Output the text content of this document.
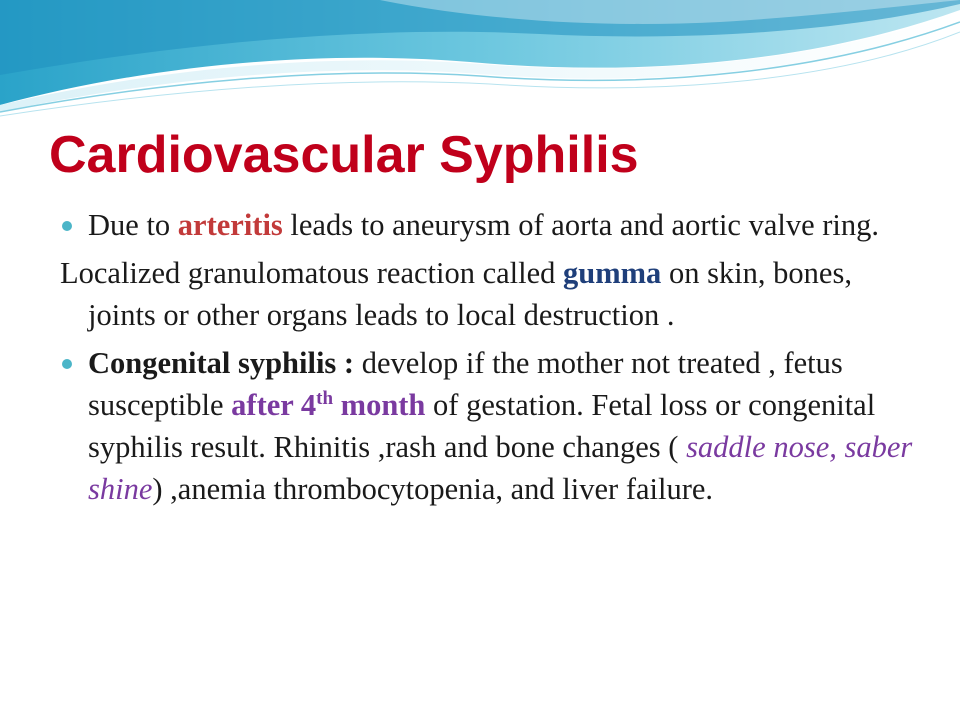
Cardiovascular Syphilis

Due to arteritis leads to aneurysm of aorta and aortic valve ring.

Localized granulomatous reaction called gumma on skin, bones, joints or other organs leads to local destruction .

Congenital syphilis : develop if the mother not treated , fetus susceptible after 4th month of gestation. Fetal loss or congenital syphilis result. Rhinitis ,rash and bone changes ( saddle nose, saber shine) ,anemia thrombocytopenia, and liver failure.
